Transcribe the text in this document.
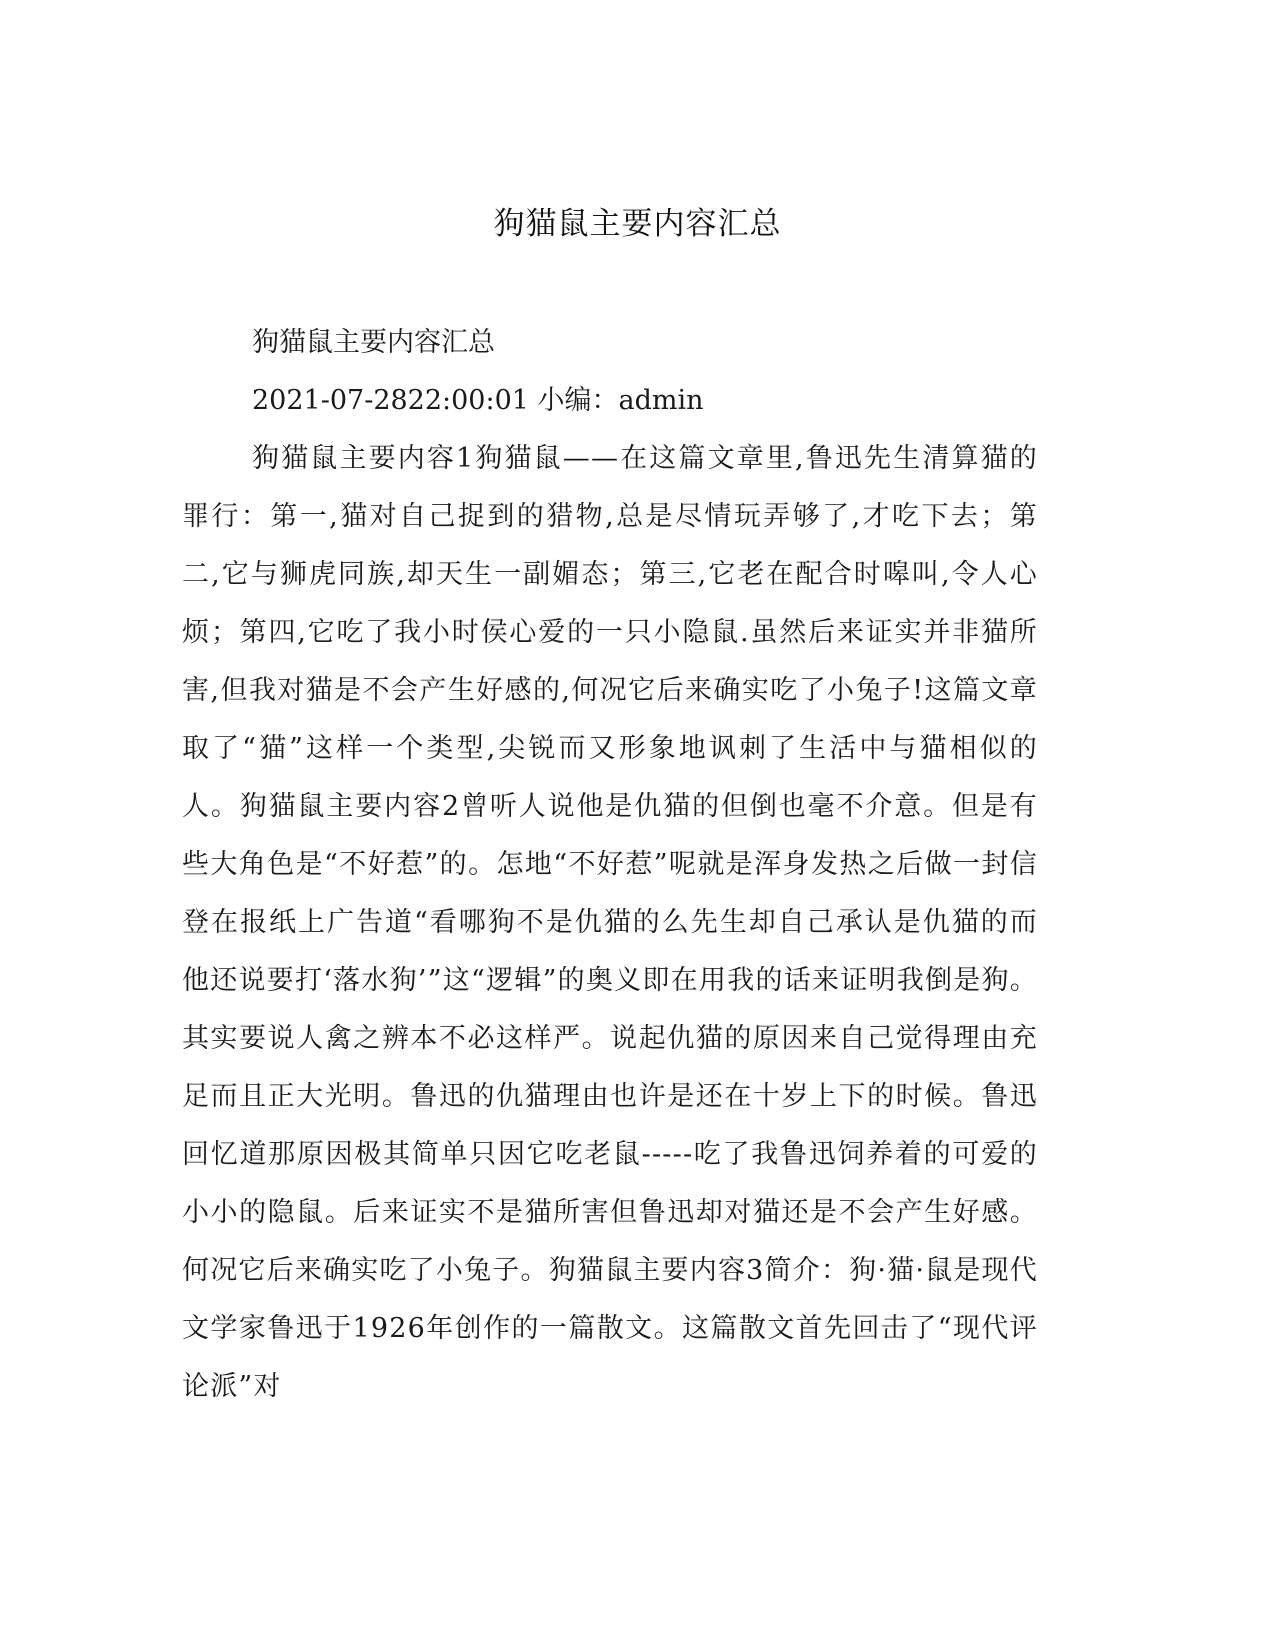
狗猫鼠主要内容汇总

狗猫鼠主要内容汇总

2021-07-2822:00:01 小编：admin

狗猫鼠主要内容1狗猫鼠——在这篇文章里,鲁迅先生清算猫的罪行：第一,猫对自己捉到的猎物,总是尽情玩弄够了,才吃下去；第二,它与狮虎同族,却天生一副媚态；第三,它老在配合时嗥叫,令人心烦；第四,它吃了我小时侯心爱的一只小隐鼠.虽然后来证实并非猫所害,但我对猫是不会产生好感的,何况它后来确实吃了小兔子!这篇文章取了“猫”这样一个类型,尖锐而又形象地讽刺了生活中与猫相似的人。狗猫鼠主要内容2曾听人说他是仇猫的但倒也毫不介意。但是有些大角色是“不好惹”的。怎地“不好惹”呢就是浑身发热之后做一封信登在报纸上广告道“看哪狗不是仇猫的么先生却自己承认是仇猫的而他还说要打‘落水狗’”这“逻辑”的奥义即在用我的话来证明我倒是狗。其实要说人禽之辨本不必这样严。说起仇猫的原因来自己觉得理由充足而且正大光明。鲁迅的仇猫理由也许是还在十岁上下的时候。鲁迅回忆道那原因极其简单只因它吃老鼠-----吃了我鲁迅饲养着的可爱的小小的隐鼠。后来证实不是猫所害但鲁迅却对猫还是不会产生好感。何况它后来确实吃了小兔子。狗猫鼠主要内容3简介：狗·猫·鼠是现代文学家鲁迅于1926年创作的一篇散文。这篇散文首先回击了“现代评论派”对
